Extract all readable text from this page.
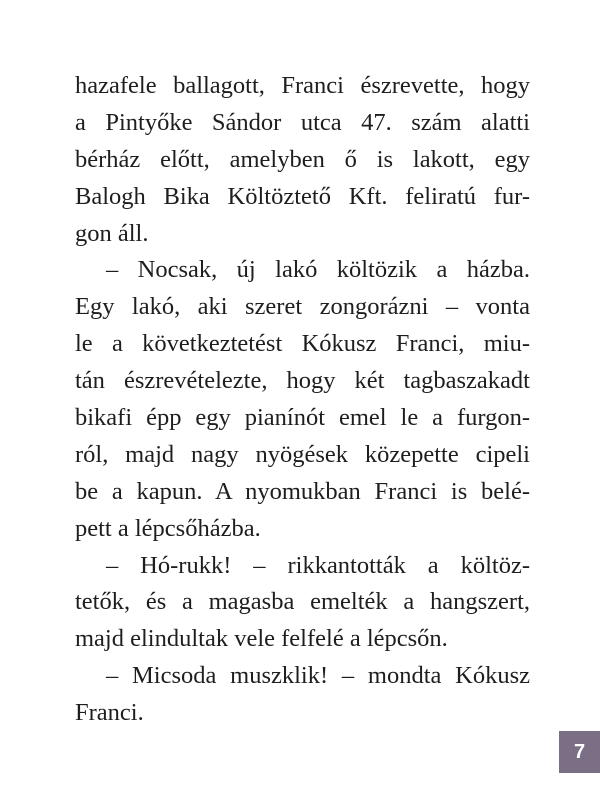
hazafele ballagott, Franci észrevette, hogy
a Pintyőke Sándor utca 47. szám alatti
bérház előtt, amelyben ő is lakott, egy
Balogh Bika Költöztető Kft. feliratú fur-
gon áll.
– Nocsak, új lakó költözik a házba.
Egy lakó, aki szeret zongorázni – vonta
le a következtetést Kókusz Franci, miu-
tán észrevételezte, hogy két tagbaszakadt
bikafi épp egy pianínót emel le a furgon-
ról, majd nagy nyögések közepette cipeli
be a kapun. A nyomukban Franci is belé-
pett a lépcsőházba.
– Hó-rukk! – rikkantották a költöz-
tetők, és a magasba emelték a hangszert,
majd elindultak vele felfelé a lépcsőn.
– Micsoda muszklik! – mondta Kókusz
Franci.
7
